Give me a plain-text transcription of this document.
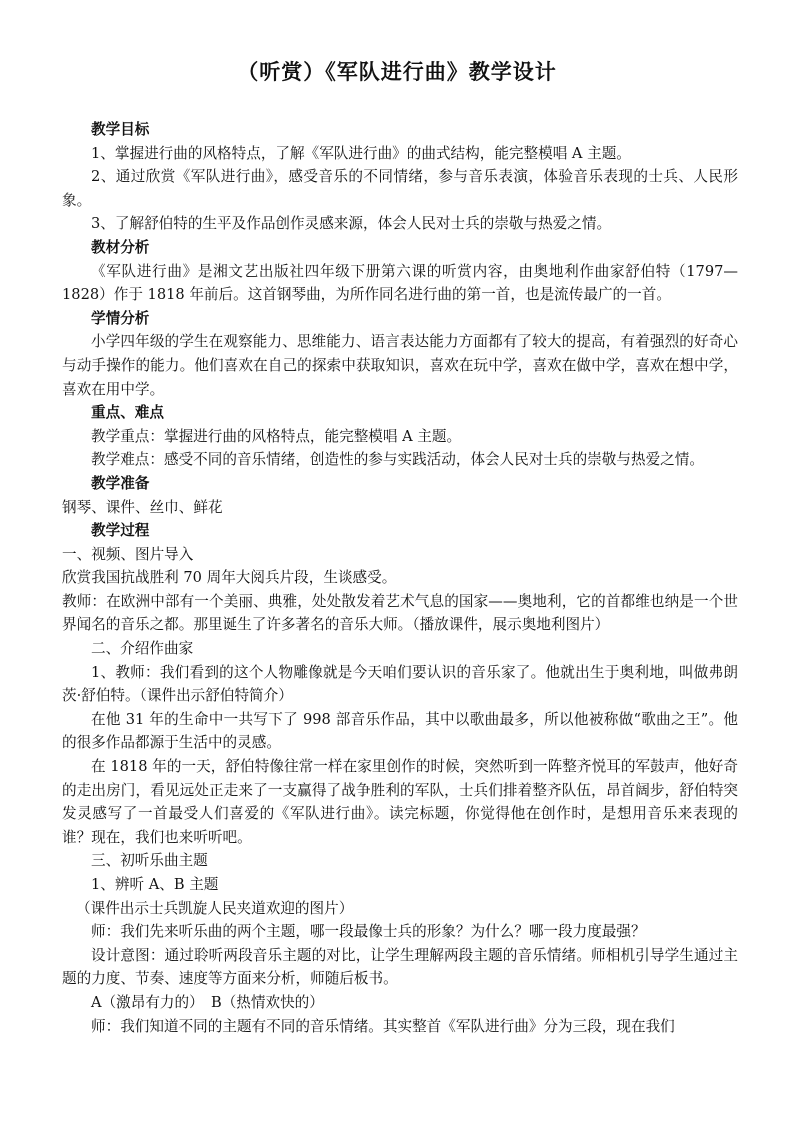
（听赏）《军队进行曲》教学设计

教学目标

1、掌握进行曲的风格特点，了解《军队进行曲》的曲式结构，能完整模唱 A 主题。

2、通过欣赏《军队进行曲》，感受音乐的不同情绪，参与音乐表演，体验音乐表现的士兵、人民形象。

3、了解舒伯特的生平及作品创作灵感来源，体会人民对士兵的崇敬与热爱之情。

教材分析

《军队进行曲》是湘文艺出版社四年级下册第六课的听赏内容，由奥地利作曲家舒伯特（1797—1828）作于 1818 年前后。这首钢琴曲，为所作同名进行曲的第一首，也是流传最广的一首。

学情分析

小学四年级的学生在观察能力、思维能力、语言表达能力方面都有了较大的提高，有着强烈的好奇心与动手操作的能力。他们喜欢在自己的探索中获取知识，喜欢在玩中学，喜欢在做中学，喜欢在想中学，喜欢在用中学。

重点、难点

教学重点：掌握进行曲的风格特点，能完整模唱 A 主题。

教学难点：感受不同的音乐情绪，创造性的参与实践活动，体会人民对士兵的崇敬与热爱之情。

教学准备

钢琴、课件、丝巾、鲜花

教学过程

一、视频、图片导入

欣赏我国抗战胜利 70 周年大阅兵片段，生谈感受。

教师：在欧洲中部有一个美丽、典雅，处处散发着艺术气息的国家——奥地利，它的首都维也纳是一个世界闻名的音乐之都。那里诞生了许多著名的音乐大师。（播放课件，展示奥地利图片）

二、介绍作曲家

1、教师：我们看到的这个人物雕像就是今天咱们要认识的音乐家了。他就出生于奥利地，叫做弗朗茨·舒伯特。（课件出示舒伯特简介）

在他 31 年的生命中一共写下了 998 部音乐作品，其中以歌曲最多，所以他被称做“歌曲之王”。他的很多作品都源于生活中的灵感。

在 1818 年的一天，舒伯特像往常一样在家里创作的时候，突然听到一阵整齐悦耳的军鼓声，他好奇的走出房门，看见远处正走来了一支赢得了战争胜利的军队，士兵们排着整齐队伍，昂首阔步，舒伯特突发灵感写了一首最受人们喜爱的《军队进行曲》。读完标题，你觉得他在创作时，是想用音乐来表现的谁？现在，我们也来听听吧。

三、初听乐曲主题

1、辨听 A、B 主题

（课件出示士兵凯旋人民夹道欢迎的图片）

师：我们先来听乐曲的两个主题，哪一段最像士兵的形象？为什么？哪一段力度最强？

设计意图：通过聆听两段音乐主题的对比，让学生理解两段主题的音乐情绪。师相机引导学生通过主题的力度、节奏、速度等方面来分析，师随后板书。

A（激昂有力的）　B（热情欢快的）

师：我们知道不同的主题有不同的音乐情绪。其实整首《军队进行曲》分为三段，现在我们
